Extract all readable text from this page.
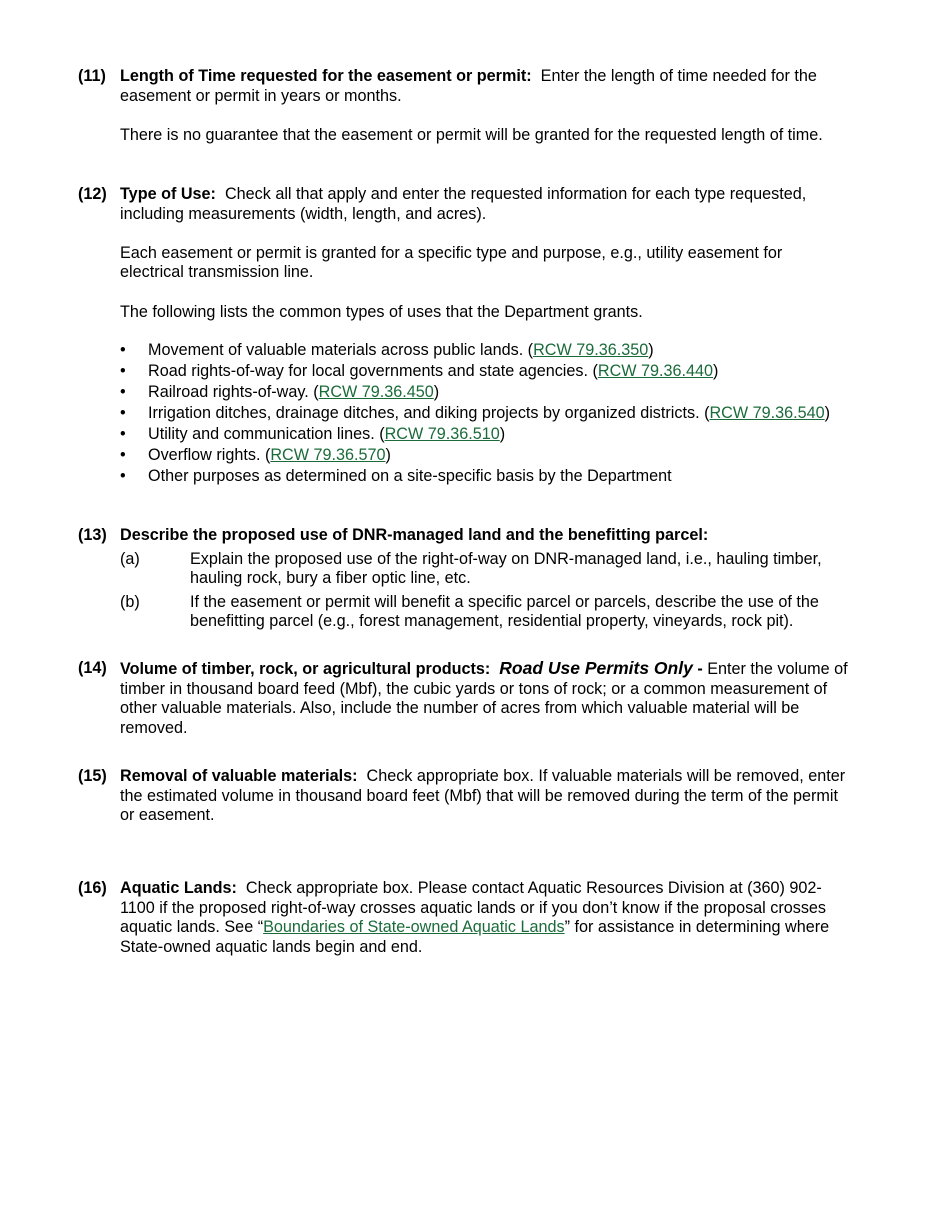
(11) Length of Time requested for the easement or permit: Enter the length of time needed for the easement or permit in years or months.

There is no guarantee that the easement or permit will be granted for the requested length of time.

(12) Type of Use: Check all that apply and enter the requested information for each type requested, including measurements (width, length, and acres).

Each easement or permit is granted for a specific type and purpose, e.g., utility easement for electrical transmission line.

The following lists the common types of uses that the Department grants.

• Movement of valuable materials across public lands. (RCW 79.36.350)
• Road rights-of-way for local governments and state agencies. (RCW 79.36.440)
• Railroad rights-of-way. (RCW 79.36.450)
• Irrigation ditches, drainage ditches, and diking projects by organized districts. (RCW 79.36.540)
• Utility and communication lines. (RCW 79.36.510)
• Overflow rights. (RCW 79.36.570)
• Other purposes as determined on a site-specific basis by the Department
(13) Describe the proposed use of DNR-managed land and the benefitting parcel:

(a)	Explain the proposed use of the right-of-way on DNR-managed land, i.e., hauling timber, hauling rock, bury a fiber optic line, etc.
(b)	If the easement or permit will benefit a specific parcel or parcels, describe the use of the benefitting parcel (e.g., forest management, residential property, vineyards, rock pit).
(14) Volume of timber, rock, or agricultural products: Road Use Permits Only - Enter the volume of timber in thousand board feed (Mbf), the cubic yards or tons of rock; or a common measurement of other valuable materials. Also, include the number of acres from which valuable material will be removed.

(15) Removal of valuable materials: Check appropriate box. If valuable materials will be removed, enter the estimated volume in thousand board feet (Mbf) that will be removed during the term of the permit or easement.

(16) Aquatic Lands: Check appropriate box. Please contact Aquatic Resources Division at (360) 902-1100 if the proposed right-of-way crosses aquatic lands or if you don’t know if the proposal crosses aquatic lands. See “Boundaries of State-owned Aquatic Lands” for assistance in determining where State-owned aquatic lands begin and end.
